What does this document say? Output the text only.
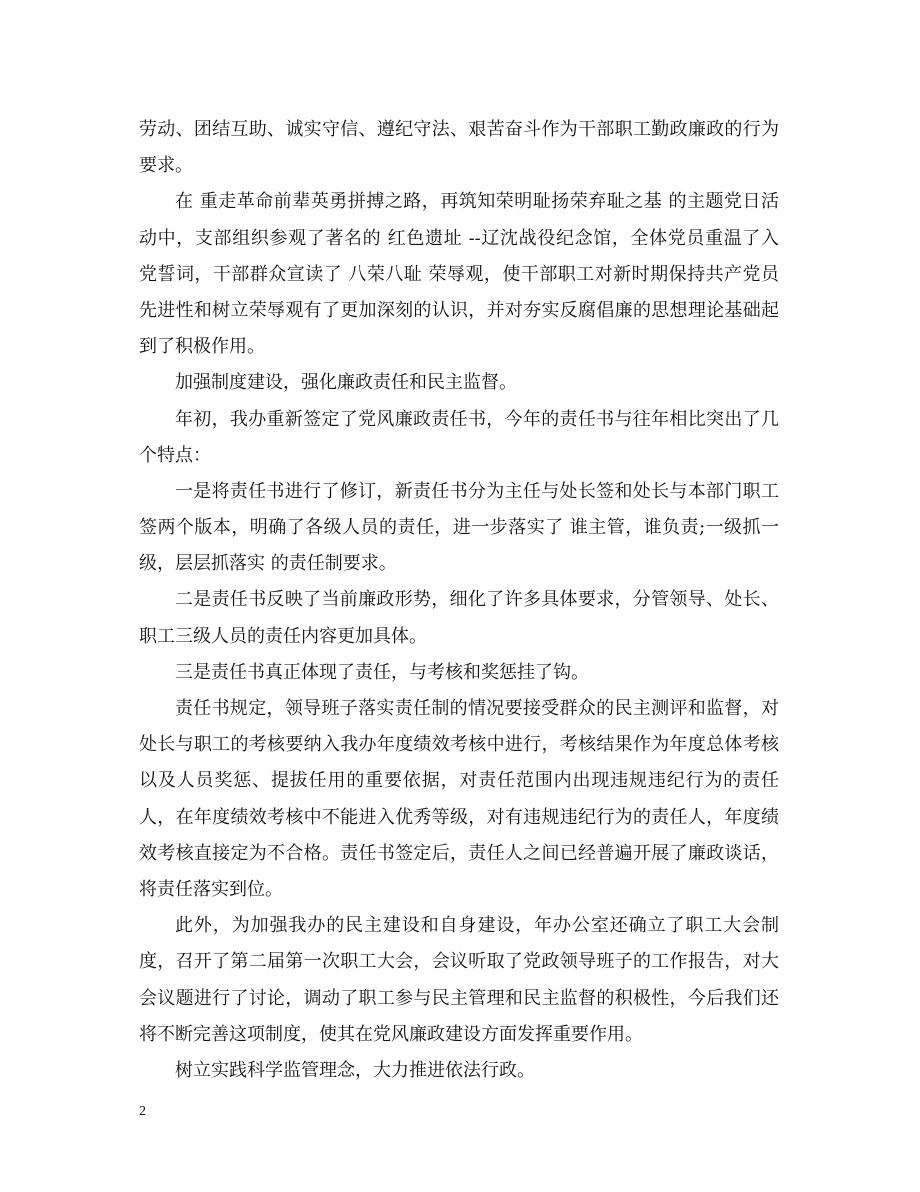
劳动、团结互助、诚实守信、遵纪守法、艰苦奋斗作为干部职工勤政廉政的行为
要求。
在 重走革命前辈英勇拼搏之路，再筑知荣明耻扬荣弃耻之基 的主题党日活
动中，支部组织参观了著名的 红色遗址 --辽沈战役纪念馆，全体党员重温了入
党誓词，干部群众宣读了 八荣八耻 荣辱观，使干部职工对新时期保持共产党员
先进性和树立荣辱观有了更加深刻的认识，并对夯实反腐倡廉的思想理论基础起
到了积极作用。
加强制度建设，强化廉政责任和民主监督。
年初，我办重新签定了党风廉政责任书，今年的责任书与往年相比突出了几
个特点：
一是将责任书进行了修订，新责任书分为主任与处长签和处长与本部门职工
签两个版本，明确了各级人员的责任，进一步落实了 谁主管，谁负责;一级抓一
级，层层抓落实 的责任制要求。
二是责任书反映了当前廉政形势，细化了许多具体要求，分管领导、处长、
职工三级人员的责任内容更加具体。
三是责任书真正体现了责任，与考核和奖惩挂了钩。
责任书规定，领导班子落实责任制的情况要接受群众的民主测评和监督，对
处长与职工的考核要纳入我办年度绩效考核中进行，考核结果作为年度总体考核
以及人员奖惩、提拔任用的重要依据，对责任范围内出现违规违纪行为的责任
人，在年度绩效考核中不能进入优秀等级，对有违规违纪行为的责任人，年度绩
效考核直接定为不合格。责任书签定后，责任人之间已经普遍开展了廉政谈话，
将责任落实到位。
此外，为加强我办的民主建设和自身建设，年办公室还确立了职工大会制
度，召开了第二届第一次职工大会，会议听取了党政领导班子的工作报告，对大
会议题进行了讨论，调动了职工参与民主管理和民主监督的积极性，今后我们还
将不断完善这项制度，使其在党风廉政建设方面发挥重要作用。
树立实践科学监管理念，大力推进依法行政。
2
